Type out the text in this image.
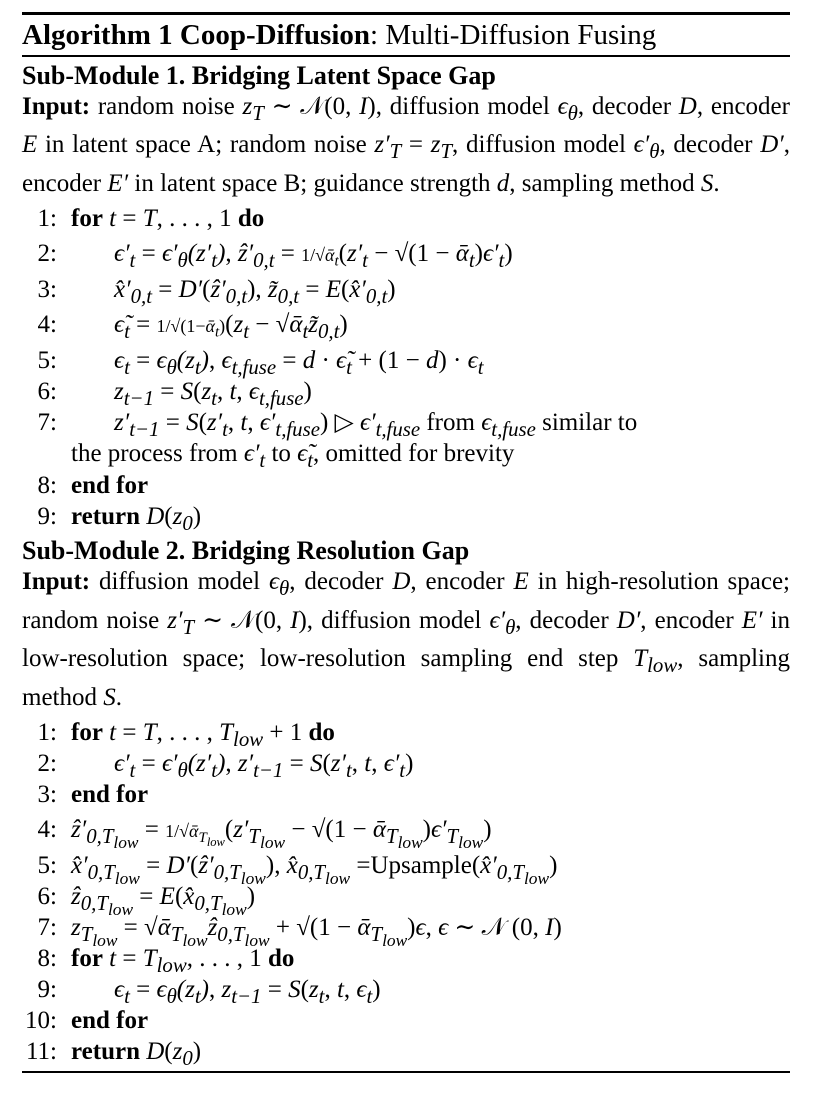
Algorithm 1 Coop-Diffusion: Multi-Diffusion Fusing
Sub-Module 1. Bridging Latent Space Gap
Input: random noise $z_T$ ∼ 𝒩(0, I), diffusion model $\epsilon_\theta$, decoder D, encoder E in latent space A; random noise $z'_T = z_T$, diffusion model $\epsilon'_\theta$, decoder D′, encoder E′ in latent space B; guidance strength d, sampling method S.
1: for t = T, . . . , 1 do
2: $\epsilon'_t = \epsilon'_\theta(z'_t)$, $ẑ'_{0,t}$ = $1/√ᾱ_t(z'_t - √(1$ − $ᾱ_t)\epsilon'_t$)
3: $x̂'_{0,t}$ = $D'(ẑ'_{0,t})$, $z̃_{0,t}$ = $E(x̂'_{0,t})$
4: $\epsiloñ_t$ = $1/√(1-ᾱ_t)(z_t$ − $√ᾱ_tz̃_{0,t}$)
5: $\epsilon_t = \epsilon_\theta(z_t)$, $\epsilon_{t,fuse} = d$ · $\epsiloñ_t + (1 - d) \cdot \epsilon_t$
6: $z_{t-1} = S(z_t$, t, $\epsilon_{t,fuse}$)
7: $z'_{t-1} = S(z'_t$, t, $\epsilon'_{t,fuse}$) ▷ $\epsilon'_{t,fuse}$ from $\epsilon_{t,fuse}$ similar to
the process from $\epsilon'_t$ to $\epsiloñ_t$, omitted for brevity
8: end for
9: return $D(z_0)$
Sub-Module 2. Bridging Resolution Gap
Input: diffusion model $\epsilon_\theta$, decoder D, encoder E in high-resolution space; random noise $z'_T$ ∼ 𝒩(0, I), diffusion model $\epsilon'_\theta$, decoder D′, encoder E′ in low-resolution space; low-resolution sampling end step $T_{low}$, sampling method S.
1: for t = T, . . . , $T_{low} + 1$ do
2: $\epsilon'_t = \epsilon'_\theta(z'_t)$, $z'_{t-1} = S(z'_t$, t, $\epsilon'_t$)
3: end for
4: $ẑ'_{0,T_{low}}$ = $1/√ᾱ_{T_{low}}(z'_{T_{low}} - √(1$ − $ᾱ_{T_{low}})\epsilon'_{T_{low}}$)
5: $x̂'_{0,T_{low}}$ = $D'(ẑ'_{0,T_{low}})$, $x̂_{0,T_{low}}$ $=Upsample(x̂'_{0,T_{low}})$
6: ẑ$_{0,T_{low}}$ = $E(x̂_{0,T_{low}})$
7: $z_{T_{low}}$ = √ᾱ$_{T_{low}}$ẑ$_{0,T_{low}}$ + √(1 − ᾱ$_{T_{low}}$)ϵ, ϵ ∼ 𝒩 (0, I)
8: for $t = T_{low}$, . . . , 1 do
9: $\epsilon_t = \epsilon_\theta(z_t)$, $z_{t-1} = S(z_t$, t, $\epsilon_t$)
10: end for
11: return $D(z_0)$
